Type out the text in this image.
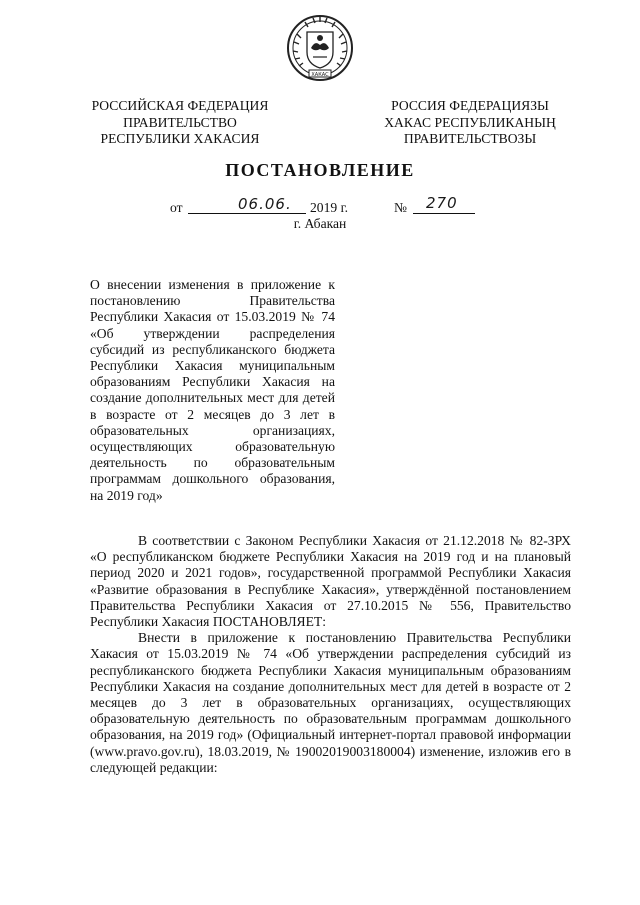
ХАКАС
РОССИЙСКАЯ ФЕДЕРАЦИЯ
ПРАВИТЕЛЬСТВО
РЕСПУБЛИКИ ХАКАСИЯ
РОССИЯ ФЕДЕРАЦИЯЗЫ
ХАКАС РЕСПУБЛИКАНЫҢ
ПРАВИТЕЛЬСТВОЗЫ
ПОСТАНОВЛЕНИЕ
от	06.06. 2019 г.	№ 270
г. Абакан
О внесении изменения в приложение к постановлению Правительства Республики Хакасия от 15.03.2019 № 74 «Об утверждении распределения субсидий из республиканского бюджета Республики Хакасия муниципальным образованиям Республики Хакасия на создание дополнительных мест для детей в возрасте от 2 месяцев до 3 лет в образовательных организациях, осуществляющих образовательную деятельность по образовательным программам дошкольного образования, на 2019 год»

В соответствии с Законом Республики Хакасия от 21.12.2018 № 82-ЗРХ «О республиканском бюджете Республики Хакасия на 2019 год и на плановый период 2020 и 2021 годов», государственной программой Республики Хакасия «Развитие образования в Республике Хакасия», утверждённой постановлением Правительства Республики Хакасия от 27.10.2015 № 556, Правительство Республики Хакасия ПОСТАНОВЛЯЕТ:

Внести в приложение к постановлению Правительства Республики Хакасия от 15.03.2019 № 74 «Об утверждении распределения субсидий из республиканского бюджета Республики Хакасия муниципальным образованиям Республики Хакасия на создание дополнительных мест для детей в возрасте от 2 месяцев до 3 лет в образовательных организациях, осуществляющих образовательную деятельность по образовательным программам дошкольного образования, на 2019 год» (Официальный интернет-портал правовой информации (www.pravo.gov.ru), 18.03.2019, № 19002019003180004) изменение, изложив его в следующей редакции:
